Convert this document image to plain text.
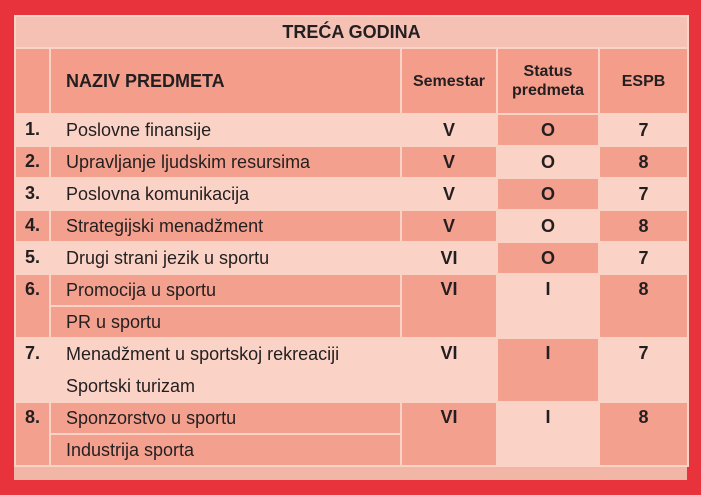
TREĆA GODINA				
	NAZIV PREDMETA	Semestar	Status predmeta	ESPB
1.	Poslovne finansije	V	O	7
2.	Upravljanje ljudskim resursima	V	O	8
3.	Poslovna komunikacija	V	O	7
4.	Strategijski menadžment	V	O	8
5.	Drugi strani jezik u sportu	VI	O	7
6.	Promocija u sportu	VI	I	8
	PR u sportu			
7.	Menadžment u sportskoj rekreaciji	VI	I	7
	Sportski turizam			
8.	Sponzorstvo u sportu	VI	I	8
	Industrija sporta			
